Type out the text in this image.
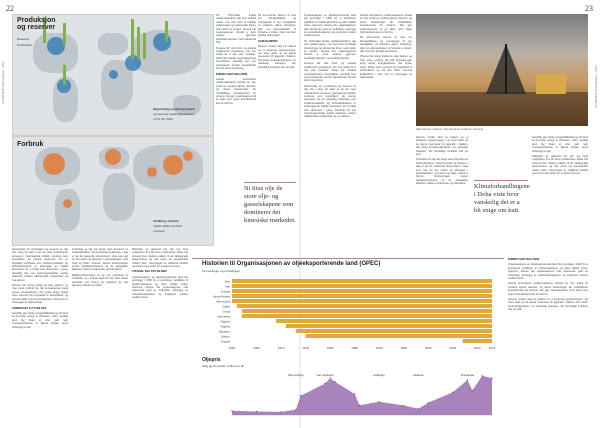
22	23
LE MONDE diplomatique · 2013	LE MONDE diplomatique · 2013
Produksjon og reserver
Reserver
Produksjon
Opprinnelig produksjonsland
i prosent av verdensproduksjon
i mrd. fat, 2012
Forbruk
Utvikling i forbruk
mellom 2010 og 2014
i prosent

Sporsmalet om produksjon og reserver av olje har i lang tid vaert et av de mest omdiskuterte temaene i internasjonal politikk. Landene som kontrollerer de storste reservene har en betydelig innflytelse over verdensmarkedet, og forbrukerlandene er avhengige av stabile leveranser for a holde sine okonomier i gang. Samtidig har nye utvinningsmetoder endret balansen mellom tradisjonelle produsenter og nye aktorer.

Prisene har svingt kraftig de siste tiarene, og hver store endring har fatt konsekvenser langt utover energisektoren. Nar prisen stiger, flyttes store summer fra importland til eksportland, og nar den faller, rammes budsjettene i land som er avhengige av oljeinntekter.

FORBRUKET FLYTTER SEG

Samtidig gjor bedre energieffektivitet og okt bruk av fornybar energi at forbruket i flere vestlige land har flatet ut eller gatt ned. Transportsektoren er likevel fortsatt sterkt avhengig av olje.

Forbruket av olje har lenge vaert dominert av industrilandene i Nord-Amerika og Europa. I dag er det de voksende okonomiene i Asia som star for det meste av okningen i etterspørselen, med Kina og India i spissen. Denne forskyvningen endrer handelsmonstrene og de strategiske allianser mellom produsenter og forbrukere.

Miljokonsekvensene av de nye metodene er omstridte, og i mange land har det vaert sterke protester mot boring og transport av olje gjennom sarbare omrader.

Skiferolje og oljesand har gitt nye land muligheten til a bli store produsenter. Dette har redusert den relative makten til de tradisjonelle eksportorene og satt press pa samarbeidet mellom dem. Utvinningen er imidlertid kostbar og krever hoye priser for a vaere lonnsom.

TRUSSEL FRA NYE KILDER

Organisasjonen av oljeeksporterende land ble grunnlagt i 1960 for a koordinere politikken til medlemslandene og sikre stabile priser. Gjennom tiarene har organisasjonen hatt varierende grad av innflytelse, avhengig av markedssituasjonen og enigheten mellom medlemmene.

Pa 1970-tallet brukte medlemslandene olje som politisk vapen, noe som forte til kraftige prisokninger og okonomisk krise i store deler av verden. Senere har organisasjonen forsokt a styre prisene gjennom produksjonskvoter, med vekslende hell.

Kvotene blir ofte brutt, og enkelte medlemmer produserer mer enn avtalt for a oke sine inntekter. Dette har svekket organisasjonens troverdighet, samtidig som nye produsenter utenfor samarbeidet har fatt storre betydning.

ENDRET MAKTBALANSE

Likevel kontrollerer medlemslandene fortsatt en stor andel av verdens kjente reserver, og deres beslutninger far umiddelbare konsekvenser for prisene. Det gjor organisasjonen til en aktor som ingen forbrukerland kan se bort fra.

De kommende tiarene vil vise om klimapolitikken og overgangen til nye energikilder vil redusere oljens betydning, eller om etterspørselen vil fortsette a vokse i takt med den globale okonomien.

KLIMAKAMPEN

Dersom verden skal na malene om a begrense oppvarmingen, ma store deler av de kjente reservene bli liggende i bakken. Det setter produsentlandene i en vanskelig situasjon, der fremtidige inntekter star pa spill.

Ni titus olje de store olje- og gasselskapene som dominerer det kinesiske markedet.
Oljeutvinning i orkenen. Nye felt apnes stadig for utvinning.

Organisasjonen av oljeeksporterende land ble grunnlagt i 1960 for a koordinere politikken til medlemslandene og sikre stabile priser. Gjennom tiarene har organisasjonen hatt varierende grad av innflytelse, avhengig av markedssituasjonen og enigheten mellom medlemmene.

Pa 1970-tallet brukte medlemslandene olje som politisk vapen, noe som forte til kraftige prisokninger og okonomisk krise i store deler av verden. Senere har organisasjonen forsokt a styre prisene gjennom produksjonskvoter, med vekslende hell.

Kvotene blir ofte brutt, og enkelte medlemmer produserer mer enn avtalt for a oke sine inntekter. Dette har svekket organisasjonens troverdighet, samtidig som nye produsenter utenfor samarbeidet har fatt storre betydning.

Sporsmalet om produksjon og reserver av olje har i lang tid vaert et av de mest omdiskuterte temaene i internasjonal politikk. Landene som kontrollerer de storste reservene har en betydelig innflytelse over verdensmarkedet, og forbrukerlandene er avhengige av stabile leveranser for a holde sine okonomier i gang. Samtidig har nye utvinningsmetoder endret balansen mellom tradisjonelle produsenter og nye aktorer.

Likevel kontrollerer medlemslandene fortsatt en stor andel av verdens kjente reserver, og deres beslutninger far umiddelbare konsekvenser for prisene. Det gjor organisasjonen til en aktor som ingen forbrukerland kan se bort fra.

De kommende tiarene vil vise om klimapolitikken og overgangen til nye energikilder vil redusere oljens betydning, eller om etterspørselen vil fortsette a vokse i takt med den globale okonomien.

Prisene har svingt kraftig de siste tiarene, og hver store endring har fatt konsekvenser langt utover energisektoren. Nar prisen stiger, flyttes store summer fra importland til eksportland, og nar den faller, rammes budsjettene i land som er avhengige av oljeinntekter.

Dersom verden skal na malene om a begrense oppvarmingen, ma store deler av de kjente reservene bli liggende i bakken. Det setter produsentlandene i en vanskelig situasjon, der fremtidige inntekter star pa spill.

Forbruket av olje har lenge vaert dominert av industrilandene i Nord-Amerika og Europa. I dag er det de voksende okonomiene i Asia som star for det meste av okningen i etterspørselen, med Kina og India i spissen. Denne forskyvningen endrer handelsmonstrene og de strategiske allianser mellom produsenter og forbrukere. Klimaforhandlingene i Doha viste hvor vanskelig det er a bli enige om kutt.

Samtidig gjor bedre energieffektivitet og okt bruk av fornybar energi at forbruket i flere vestlige land har flatet ut eller gatt ned. Transportsektoren er likevel fortsatt sterkt avhengig av olje.

Skiferolje og oljesand har gitt nye land muligheten til a bli store produsenter. Dette har redusert den relative makten til de tradisjonelle eksportorene og satt press pa samarbeidet mellom dem. Utvinningen er imidlertid kostbar og krever hoye priser for a vaere lonnsom.

Historien til Organisasjonen av oljeeksporterende land (OPEC)
Innmeldinger og utmeldinger
Iran
Irak
Kuwait
Saudi-Arabia
Venezuela
Qatar
Libya
Indonesia
Algerie
Nigeria
Ecuador
Gabon
Angola
1960	1965	1970	1975	1980	1985	1990	1995	2000	2005	2010	2013
Oljepris
Arlig gjennomsnitt, dollar per fat
Olje-embargo	Iran-revolusjon	Golfkrigen	Asiakrise	Finanskrise

ENDRET MAKTBALANSE

Organisasjonen av oljeeksporterende land ble grunnlagt i 1960 for a koordinere politikken til medlemslandene og sikre stabile priser. Gjennom tiarene har organisasjonen hatt varierende grad av innflytelse, avhengig av markedssituasjonen og enigheten mellom medlemmene.

Likevel kontrollerer medlemslandene fortsatt en stor andel av verdens kjente reserver, og deres beslutninger far umiddelbare konsekvenser for prisene. Det gjor organisasjonen til en aktor som ingen forbrukerland kan se bort fra.

Dersom verden skal na malene om a begrense oppvarmingen, ma store deler av de kjente reservene bli liggende i bakken. Det setter produsentlandene i en vanskelig situasjon, der fremtidige inntekter star pa spill.
